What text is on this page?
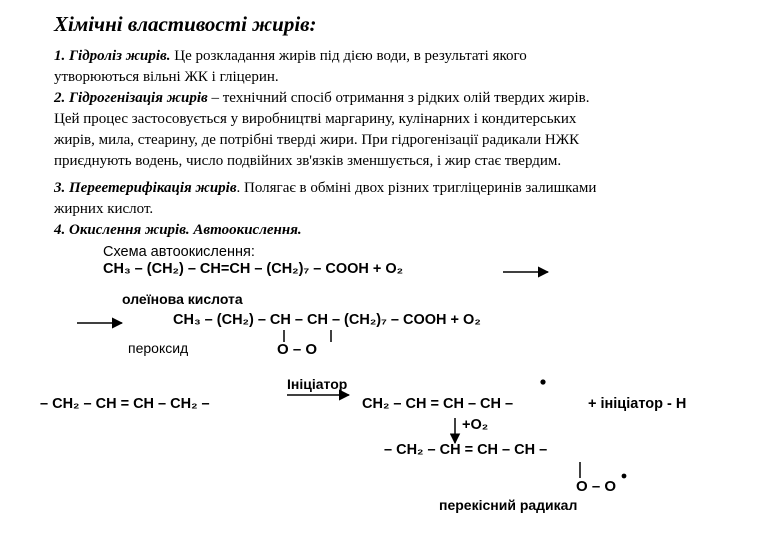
Хімічні властивості жирів:
1. Гідроліз жирів. Це розкладання жирів під дією води, в результаті якого
утворюються вільні ЖК і гліцерин.
2. Гідрогенізація жирів – технічний спосіб отримання з рідких олій твердих жирів.
Цей процес застосовується у виробництві маргарину, кулінарних і кондитерських
жирів, мила, стеарину, де потрібні тверді жири. При гідрогенізації радикали НЖК
приєднують водень, число подвійних зв'язків зменшується, і жир стає твердим.
3. Переетерифікація жирів. Полягає в обміні двох різних тригліцеринів залишками
жирних кислот.
4. Окислення жирів. Автоокислення.
Схема автоокислення:
CH₃ – (CH₂) – CH=CH – (CH₂)₇ – COOH + O₂
олеїнова кислота
CH₃ – (CH₂) – CH – CH – (CH₂)₇ – COOH + O₂
пероксид	O – O
Ініціатор
– CH₂ – CH = CH – CH₂ –	CH₂ – CH = CH – CH –	+ ініціатор - H
+O₂
– CH₂ – CH = CH – CH –
O – O
перекісний радикал
